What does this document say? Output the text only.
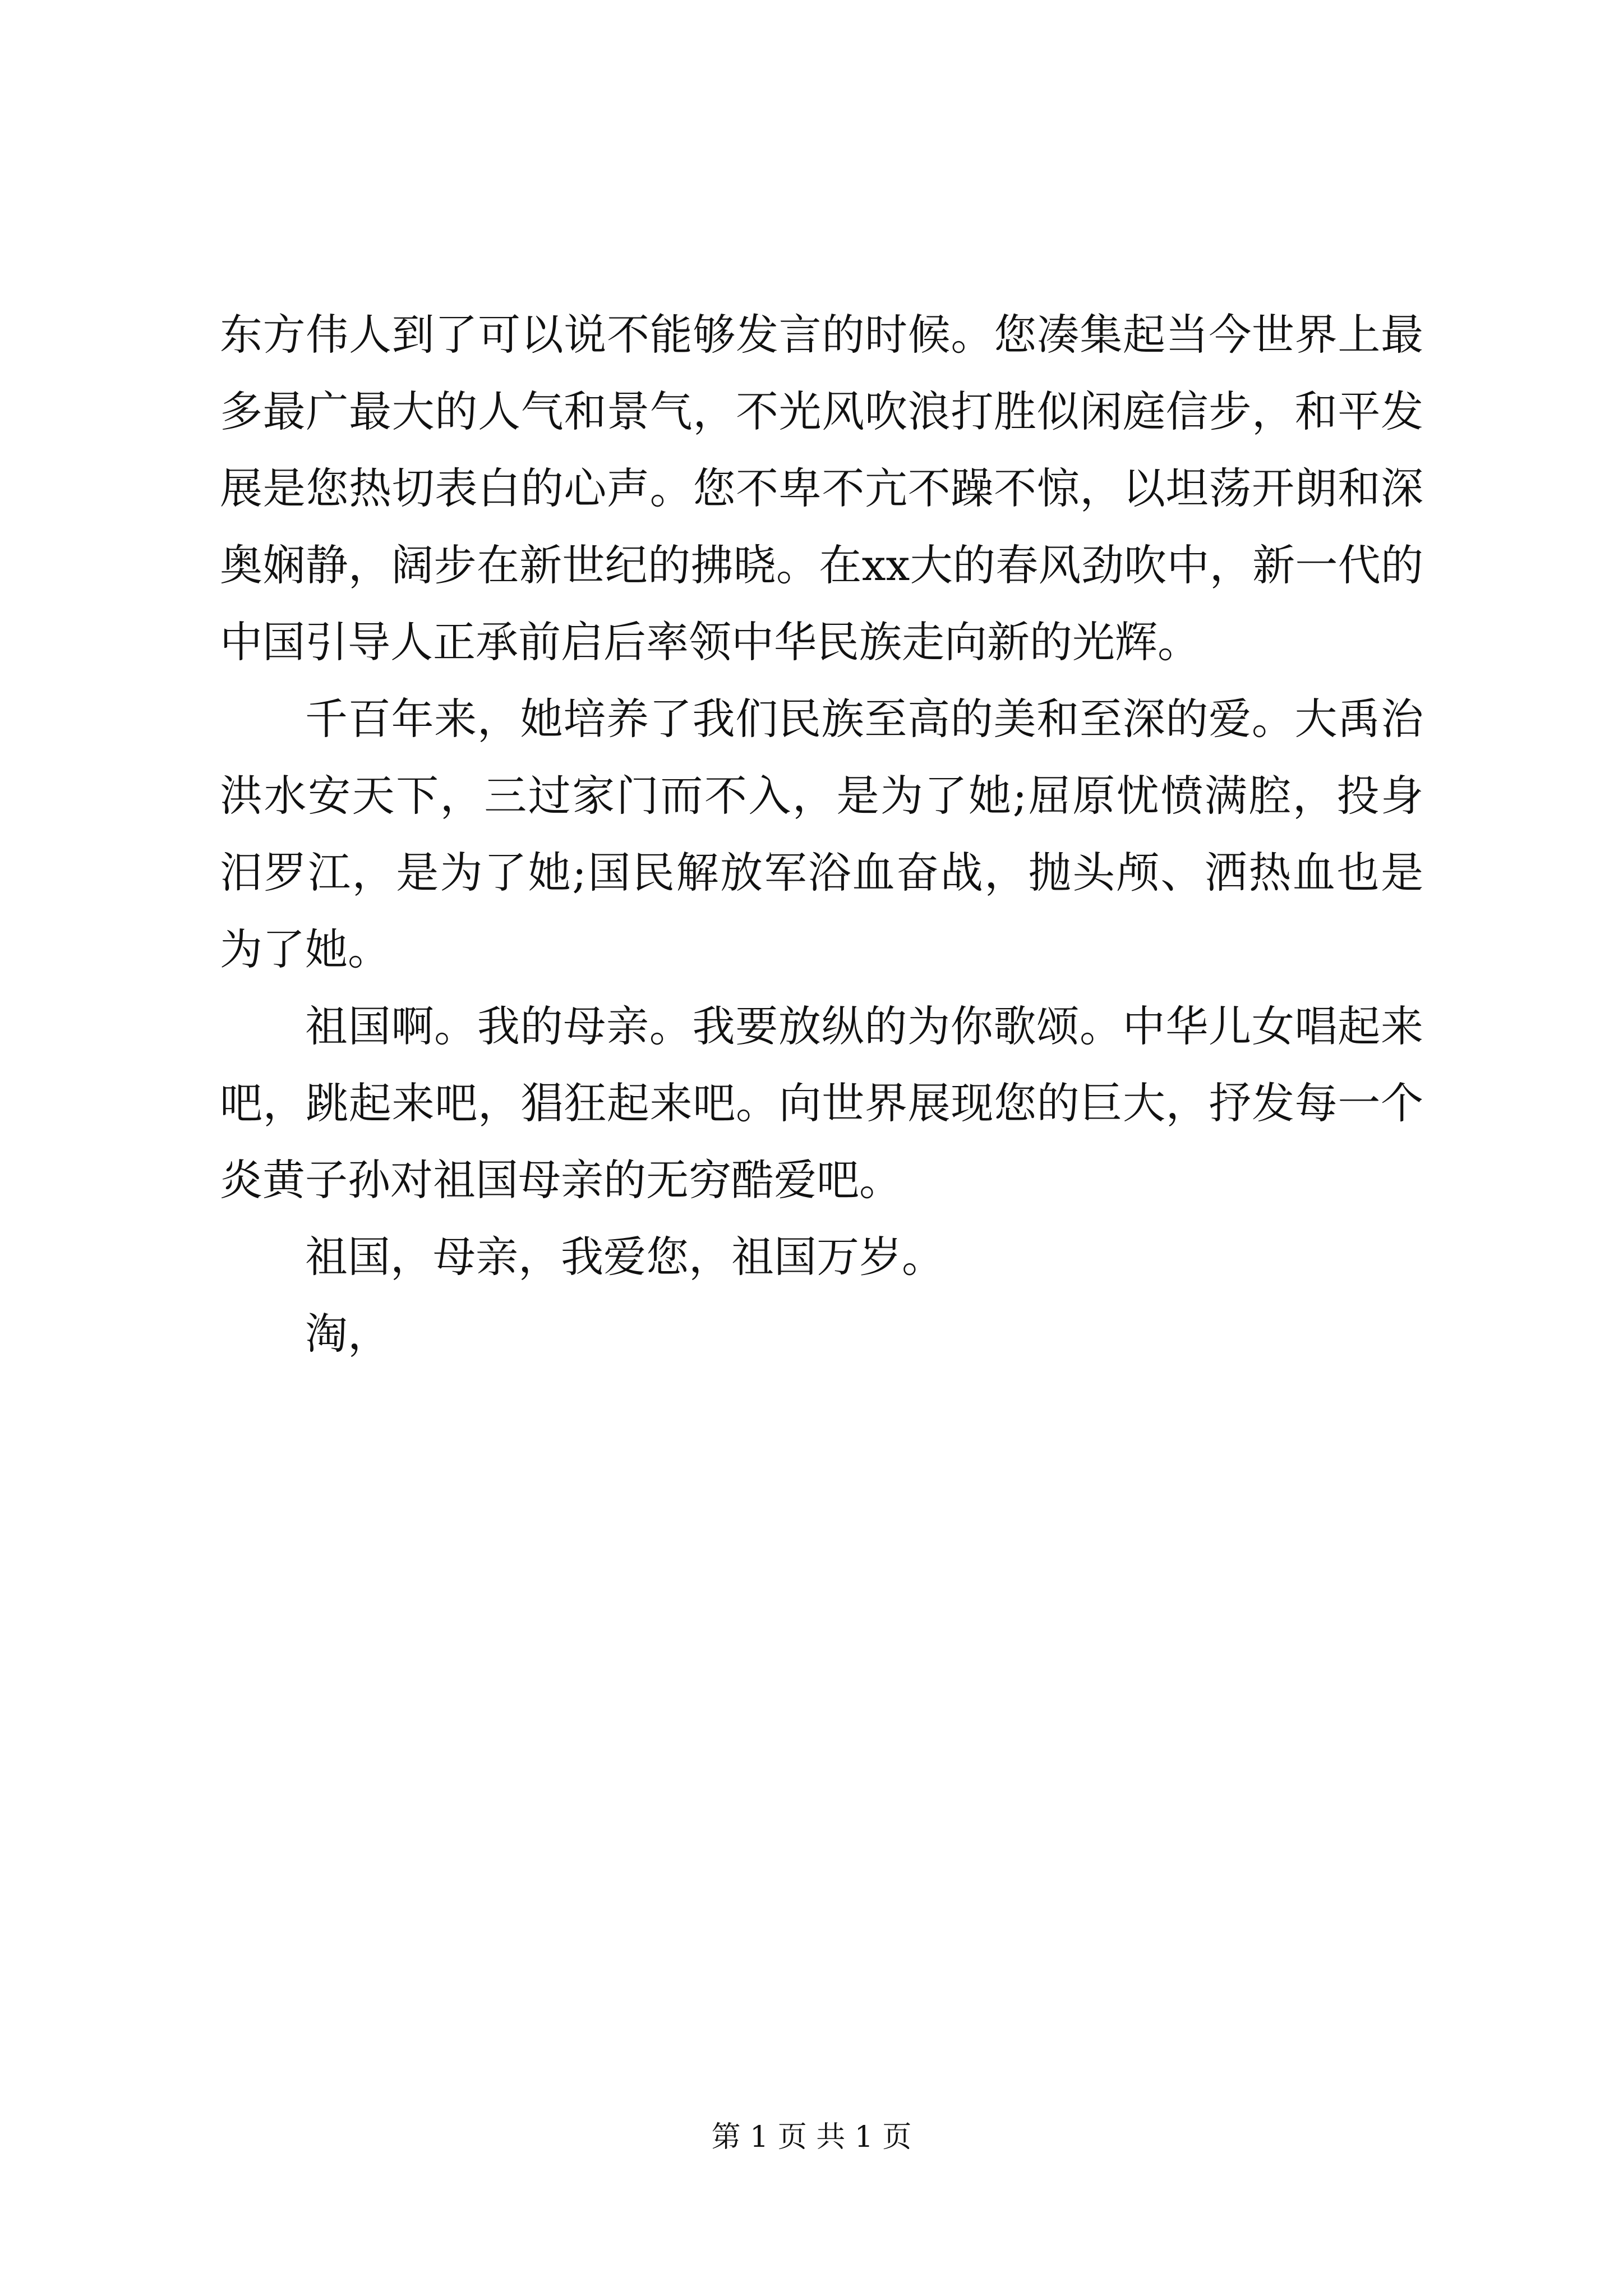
东方伟人到了可以说不能够发言的时候。您凑集起当今世界上最多最广最大的人气和景气，不光风吹浪打胜似闲庭信步，和平发展是您热切表白的心声。您不卑不亢不躁不惊，以坦荡开朗和深奥娴静，阔步在新世纪的拂晓。在xx大的春风劲吹中，新一代的中国引导人正承前启后率领中华民族走向新的光辉。

千百年来，她培养了我们民族至高的美和至深的爱。大禹治洪水安天下，三过家门而不入，是为了她;屈原忧愤满腔，投身汨罗江，是为了她;国民解放军浴血奋战，抛头颅、洒热血也是为了她。

祖国啊。我的母亲。我要放纵的为你歌颂。中华儿女唱起来吧，跳起来吧，猖狂起来吧。向世界展现您的巨大，抒发每一个炎黄子孙对祖国母亲的无穷酷爱吧。

祖国，母亲，我爱您，祖国万岁。

淘，

第 1 页 共 1 页
